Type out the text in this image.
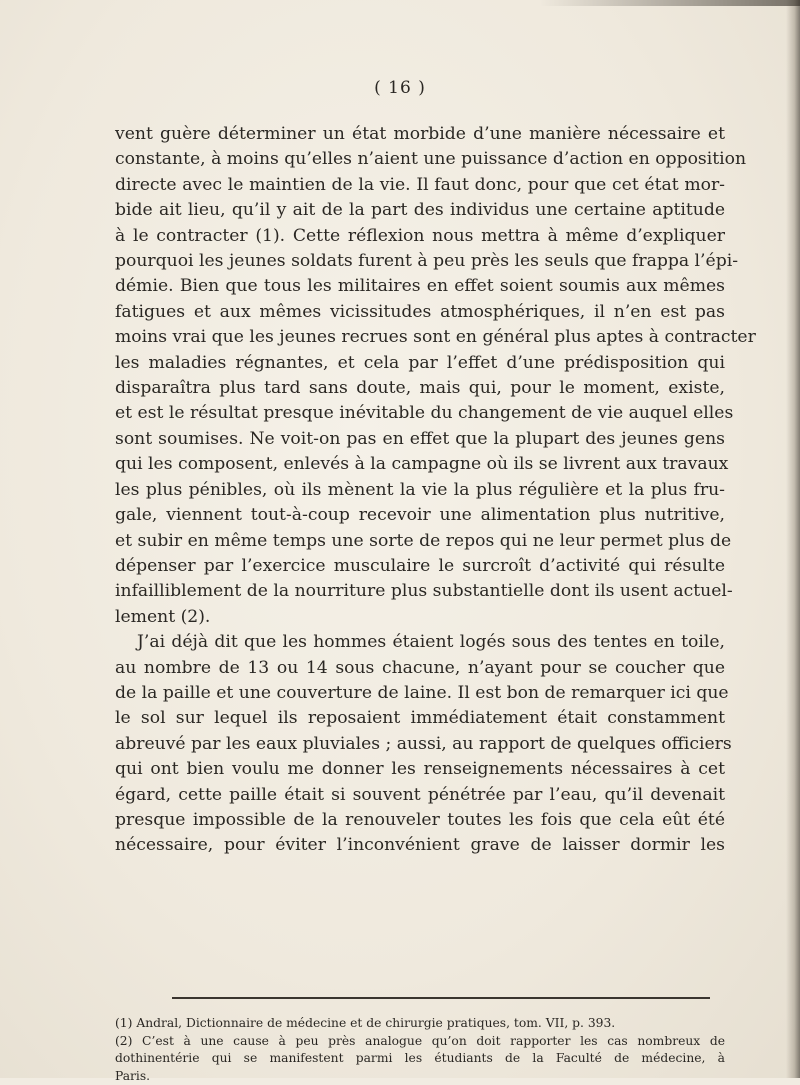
( 16 )
vent guère déterminer un état morbide d’une manière nécessaire et
constante, à moins qu’elles n’aient une puissance d’action en opposition
directe avec le maintien de la vie. Il faut donc, pour que cet état mor-
bide ait lieu, qu’il y ait de la part des individus une certaine aptitude
à le contracter (1). Cette réflexion nous mettra à même d’expliquer
pourquoi les jeunes soldats furent à peu près les seuls que frappa l’épi-
démie. Bien que tous les militaires en effet soient soumis aux mêmes
fatigues et aux mêmes vicissitudes atmosphériques, il n’en est pas
moins vrai que les jeunes recrues sont en général plus aptes à contracter
les maladies régnantes, et cela par l’effet d’une prédisposition qui
disparaîtra plus tard sans doute, mais qui, pour le moment, existe,
et est le résultat presque inévitable du changement de vie auquel elles
sont soumises. Ne voit-on pas en effet que la plupart des jeunes gens
qui les composent, enlevés à la campagne où ils se livrent aux travaux
les plus pénibles, où ils mènent la vie la plus régulière et la plus fru-
gale, viennent tout-à-coup recevoir une alimentation plus nutritive,
et subir en même temps une sorte de repos qui ne leur permet plus de
dépenser par l’exercice musculaire le surcroît d’activité qui résulte
infailliblement de la nourriture plus substantielle dont ils usent actuel-
lement (2).
J’ai déjà dit que les hommes étaient logés sous des tentes en toile,
au nombre de 13 ou 14 sous chacune, n’ayant pour se coucher que
de la paille et une couverture de laine. Il est bon de remarquer ici que
le sol sur lequel ils reposaient immédiatement était constamment
abreuvé par les eaux pluviales ; aussi, au rapport de quelques officiers
qui ont bien voulu me donner les renseignements nécessaires à cet
égard, cette paille était si souvent pénétrée par l’eau, qu’il devenait
presque impossible de la renouveler toutes les fois que cela eût été
nécessaire, pour éviter l’inconvénient grave de laisser dormir les
(1) Andral, Dictionnaire de médecine et de chirurgie pratiques, tom. VII, p. 393.
(2) C’est à une cause à peu près analogue qu’on doit rapporter les cas nombreux de
dothinentérie qui se manifestent parmi les étudiants de la Faculté de médecine, à
Paris.
